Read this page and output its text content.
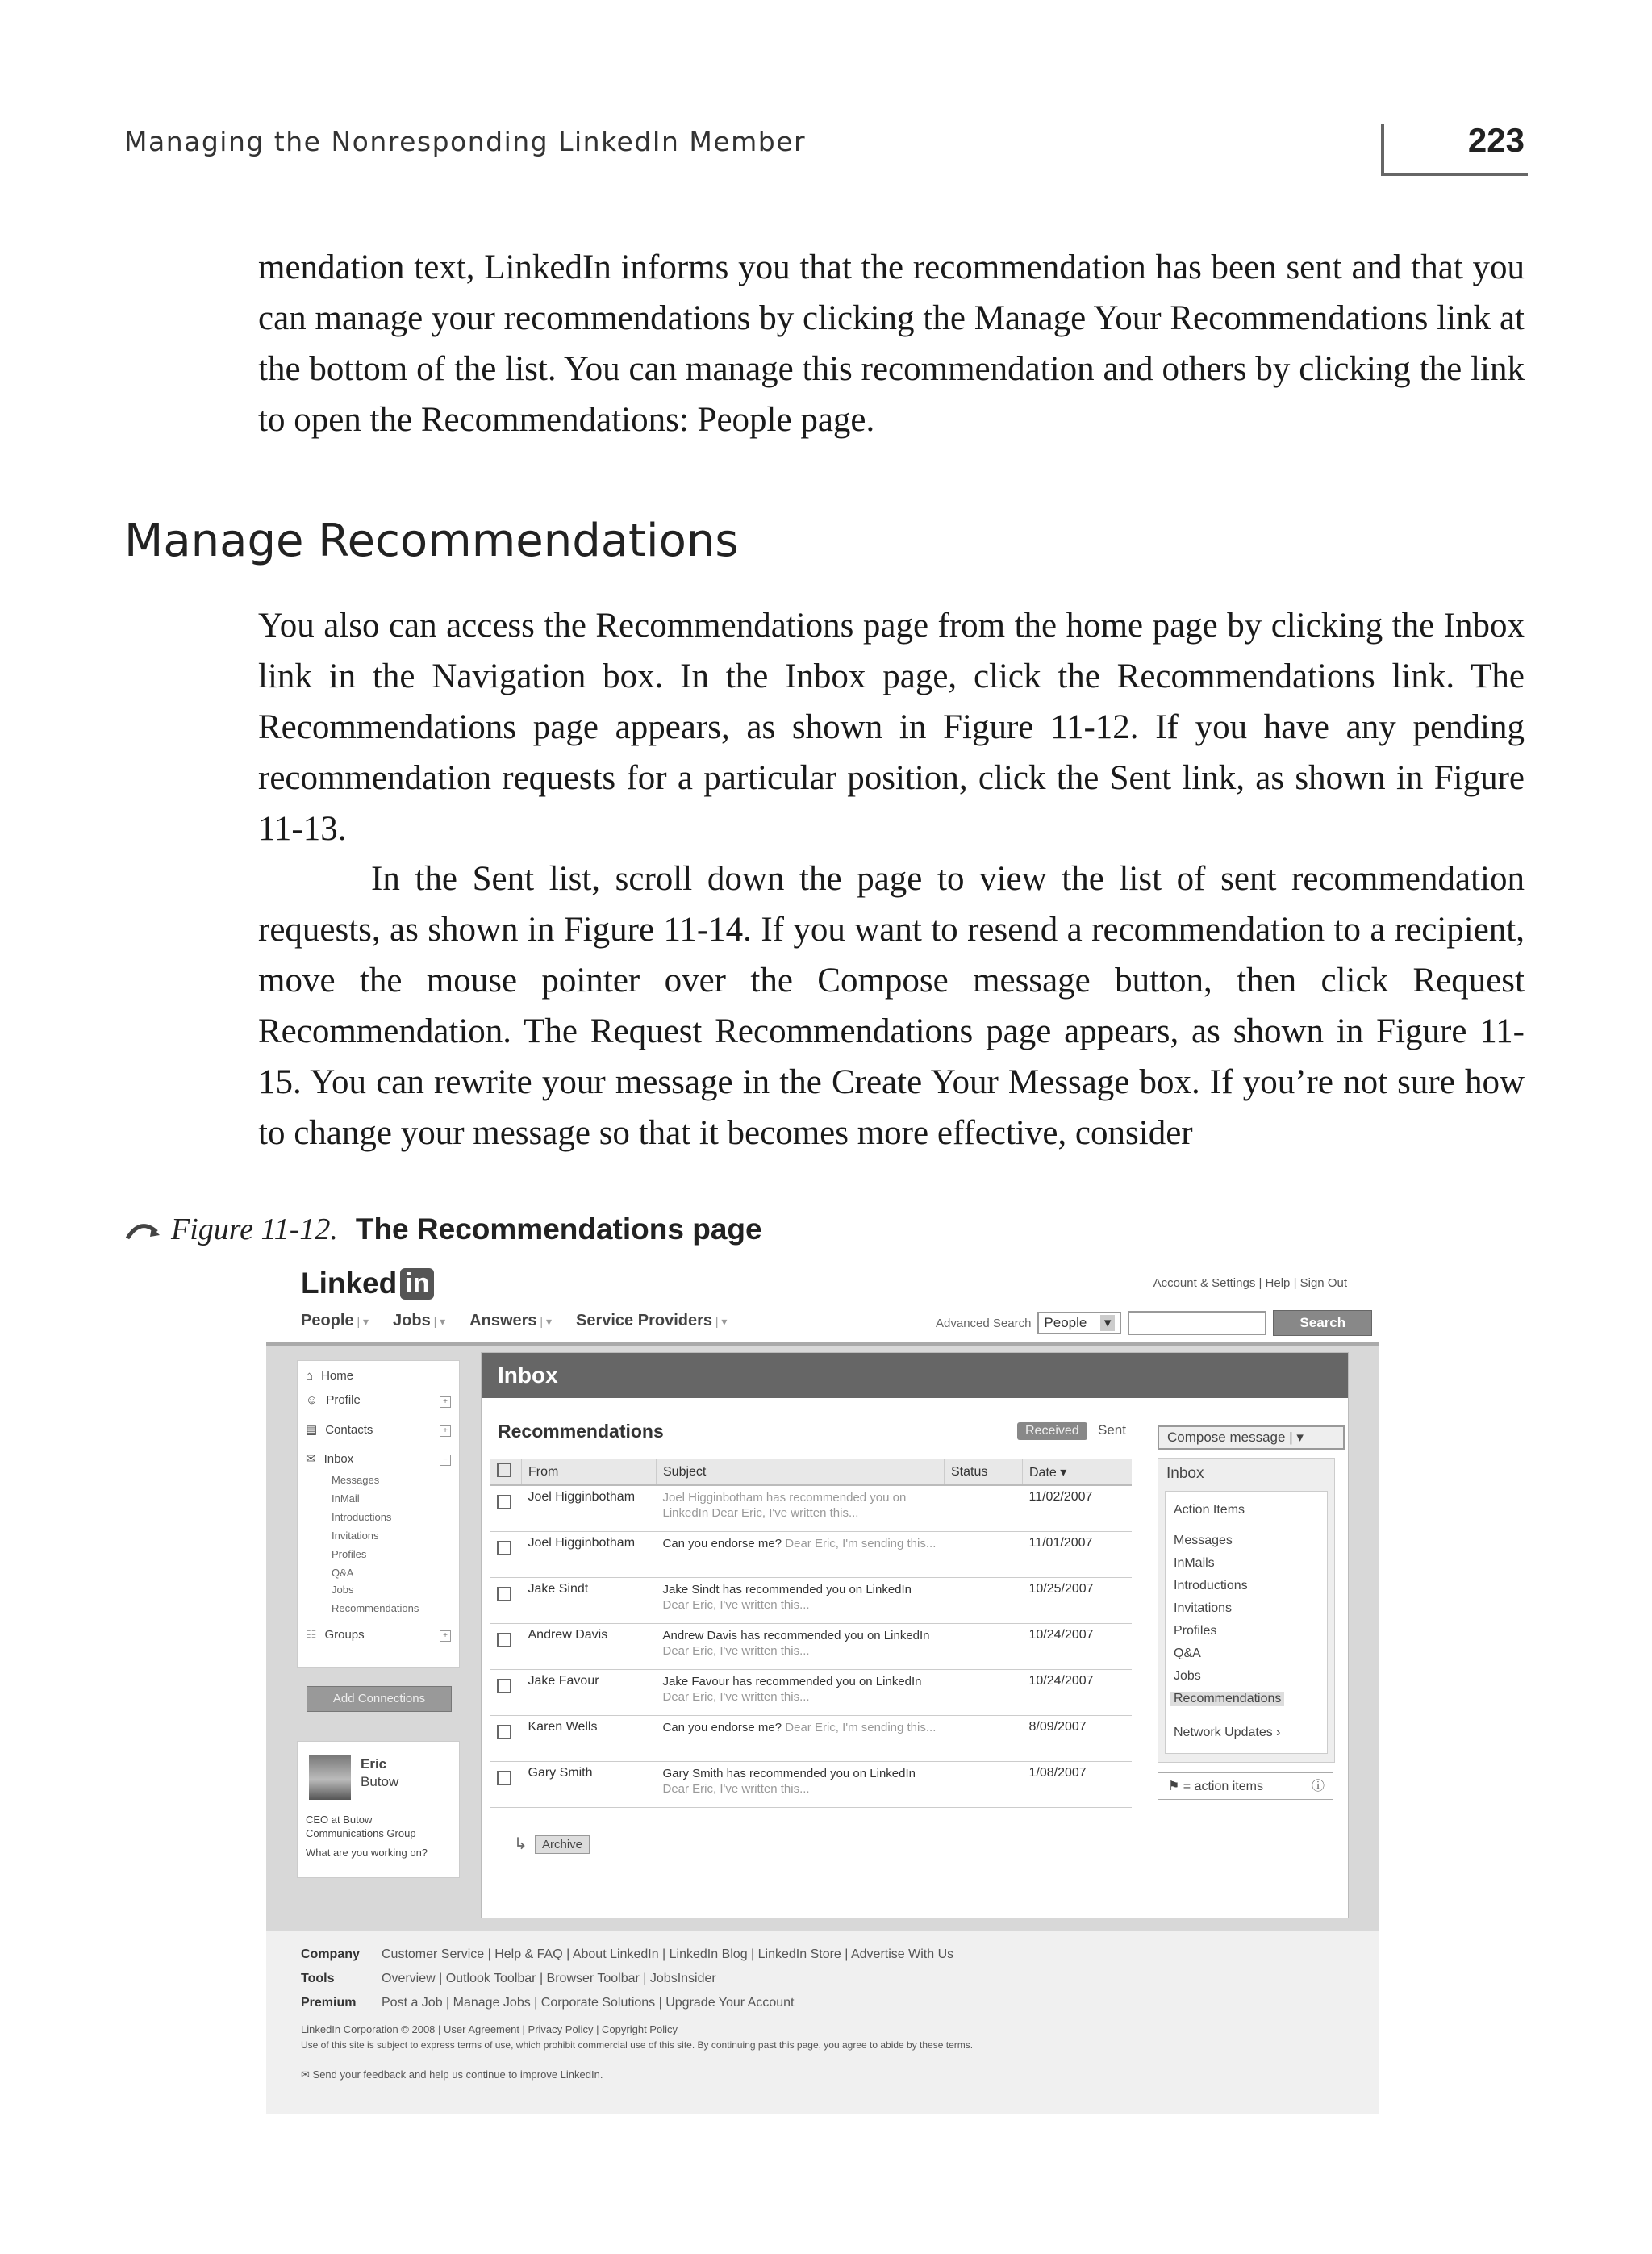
Managing the Nonresponding LinkedIn Member	223

mendation text, LinkedIn informs you that the recommendation has been sent and that you can manage your recommendations by clicking the Manage Your Recommendations link at the bottom of the list. You can manage this recommendation and others by clicking the link to open the Recommendations: People page.

Manage Recommendations

You also can access the Recommendations page from the home page by clicking the Inbox link in the Navigation box. In the Inbox page, click the Recommendations link. The Recommendations page appears, as shown in Figure 11-12. If you have any pending recommendation requests for a particular position, click the Sent link, as shown in Figure 11-13.

In the Sent list, scroll down the page to view the list of sent recommendation requests, as shown in Figure 11-14. If you want to resend a recommendation to a recipient, move the mouse pointer over the Compose message button, then click Request Recommendation. The Request Recommendations page appears, as shown in Figure 11-15. You can rewrite your message in the Create Your Message box. If you’re not sure how to change your message so that it becomes more effective, consider

Figure 11-12. The Recommendations page
Linked in
People | ▾	Jobs | ▾	Answers | ▾	Service Providers | ▾
Account & Settings | Help | Sign Out
Advanced Search People ▾	Search
⌂ Home
☺ Profile	+
▤ Contacts	+
✉ Inbox	−
Messages
InMail
Introductions
Invitations
Profiles
Q&A
Jobs
Recommendations
☷ Groups	+
Add Connections
Eric
Butow
CEO at Butow Communications Group
What are you working on?
Inbox
Recommendations	Received	Sent	Compose message | ▾
	From	Subject	Status	Date ▾
	Joel Higginbotham	Joel Higginbotham has recommended you on LinkedIn Dear Eric, I've written this...		11/02/2007
	Joel Higginbotham	Can you endorse me? Dear Eric, I'm sending this...		11/01/2007
	Jake Sindt	Jake Sindt has recommended you on LinkedIn Dear Eric, I've written this...		10/25/2007
	Andrew Davis	Andrew Davis has recommended you on LinkedIn Dear Eric, I've written this...		10/24/2007
	Jake Favour	Jake Favour has recommended you on LinkedIn Dear Eric, I've written this...		10/24/2007
	Karen Wells	Can you endorse me? Dear Eric, I'm sending this...		8/09/2007
	Gary Smith	Gary Smith has recommended you on LinkedIn Dear Eric, I've written this...		1/08/2007
↳	Archive
Inbox
Action Items
Messages
InMails
Introductions
Invitations
Profiles
Q&A
Jobs
Recommendations
Network Updates ›
⚑ = action items	ⓘ
Company Customer Service | Help & FAQ | About LinkedIn | LinkedIn Blog | LinkedIn Store | Advertise With Us
Tools	Overview | Outlook Toolbar | Browser Toolbar | JobsInsider
Premium Post a Job | Manage Jobs | Corporate Solutions | Upgrade Your Account
LinkedIn Corporation © 2008 | User Agreement | Privacy Policy | Copyright Policy
Use of this site is subject to express terms of use, which prohibit commercial use of this site. By continuing past this page, you agree to abide by these terms.
✉ Send your feedback and help us continue to improve LinkedIn.
